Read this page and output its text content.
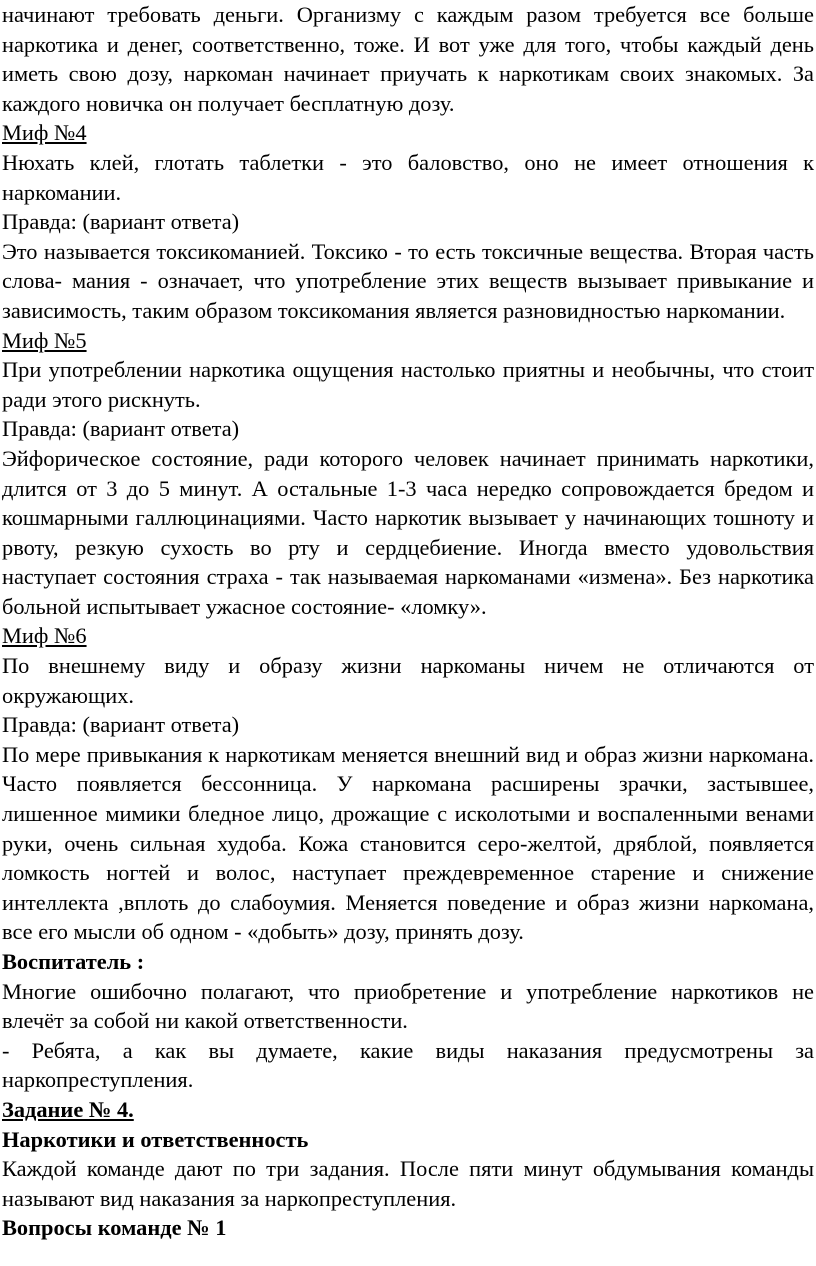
начинают требовать деньги. Организму с каждым разом требуется все больше наркотика и денег, соответственно, тоже. И вот уже для того, чтобы каждый день иметь свою дозу, наркоман начинает приучать к наркотикам своих знакомых. За каждого новичка он получает бесплатную дозу.

Миф №4

Нюхать клей, глотать таблетки - это баловство, оно не имеет отношения к наркомании.

Правда: (вариант ответа)

Это называется токсикоманией. Токсико - то есть токсичные вещества. Вторая часть слова- мания - означает, что употребление этих веществ вызывает привыкание и зависимость, таким образом токсикомания является разновидностью наркомании.

Миф №5

При употреблении наркотика ощущения настолько приятны и необычны, что стоит ради этого рискнуть.

Правда: (вариант ответа)

Эйфорическое состояние, ради которого человек начинает принимать наркотики, длится от 3 до 5 минут. А остальные 1-3 часа нередко сопровождается бредом и кошмарными галлюцинациями. Часто наркотик вызывает у начинающих тошноту и рвоту, резкую сухость во рту и сердцебиение. Иногда вместо удовольствия наступает состояния страха - так называемая наркоманами «измена». Без наркотика больной испытывает ужасное состояние- «ломку».

Миф №6

По внешнему виду и образу жизни наркоманы ничем не отличаются от окружающих.

Правда: (вариант ответа)

По мере привыкания к наркотикам меняется внешний вид и образ жизни наркомана. Часто появляется бессонница. У наркомана расширены зрачки, застывшее, лишенное мимики бледное лицо, дрожащие с исколотыми и воспаленными венами руки, очень сильная худоба. Кожа становится серо-желтой, дряблой, появляется ломкость ногтей и волос, наступает преждевременное старение и снижение интеллекта ,вплоть до слабоумия. Меняется поведение и образ жизни наркомана, все его мысли об одном - «добыть» дозу, принять дозу.

Воспитатель :

Многие ошибочно полагают, что приобретение и употребление наркотиков не влечёт за собой ни какой ответственности.

- Ребята, а как вы думаете, какие виды наказания предусмотрены за наркопреступления.

Задание № 4.

Наркотики и ответственность

Каждой команде дают по три задания. После пяти минут обдумывания команды называют вид наказания за наркопреступления.

Вопросы команде № 1
